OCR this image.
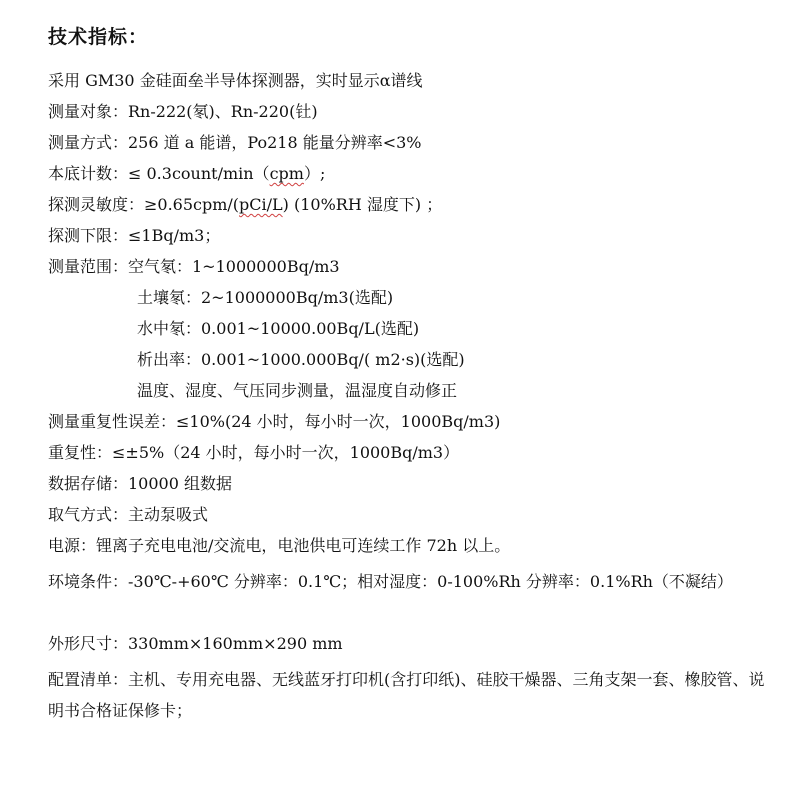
技术指标：
采用 GM30 金硅面垒半导体探测器，实时显示α谱线
测量对象：Rn-222(氡)、Rn-220(钍)
测量方式：256 道 a 能谱，Po218 能量分辨率<3%
本底计数：≤ 0.3count/min（cpm）;
探测灵敏度：≥0.65cpm/(pCi/L) (10%RH 湿度下) ；
探测下限：≤1Bq/m3；
测量范围：空气氡：1~1000000Bq/m3
土壤氡：2~1000000Bq/m3(选配)
水中氡：0.001~10000.00Bq/L(选配)
析出率：0.001~1000.000Bq/( m2·s)(选配)
温度、湿度、气压同步测量，温湿度自动修正
测量重复性误差：≤10%(24 小时，每小时一次，1000Bq/m3)
重复性：≤±5%（24 小时，每小时一次，1000Bq/m3）
数据存储：10000 组数据
取气方式：主动泵吸式
电源：锂离子充电电池/交流电，电池供电可连续工作 72h 以上。
环境条件：-30℃-+60℃ 分辨率：0.1℃；相对湿度：0-100%Rh 分辨率：0.1%Rh（不凝结）
外形尺寸：330mm×160mm×290 mm
配置清单：主机、专用充电器、无线蓝牙打印机(含打印纸)、硅胶干燥器、三角支架一套、橡胶管、说明书合格证保修卡；
